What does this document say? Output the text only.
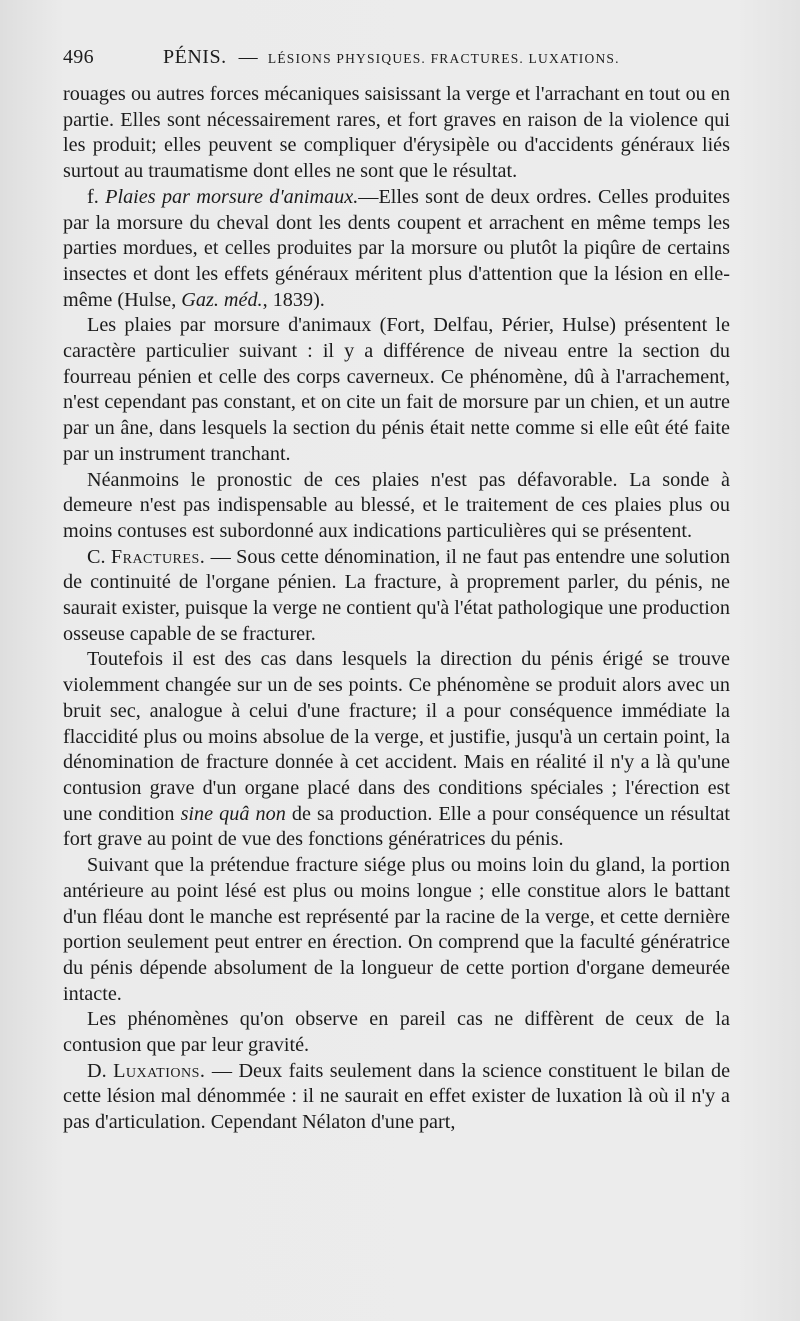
496	PÉNIS. — LÉSIONS PHYSIQUES. FRACTURES. LUXATIONS.

rouages ou autres forces mécaniques saisissant la verge et l'arrachant en tout ou en partie. Elles sont nécessairement rares, et fort graves en raison de la violence qui les produit; elles peuvent se compliquer d'érysipèle ou d'accidents généraux liés surtout au traumatisme dont elles ne sont que le résultat.

f. Plaies par morsure d'animaux.—Elles sont de deux ordres. Celles produites par la morsure du cheval dont les dents coupent et arrachent en même temps les parties mordues, et celles produites par la morsure ou plutôt la piqûre de certains insectes et dont les effets généraux méritent plus d'attention que la lésion en elle-même (Hulse, Gaz. méd., 1839).

Les plaies par morsure d'animaux (Fort, Delfau, Périer, Hulse) présentent le caractère particulier suivant : il y a différence de niveau entre la section du fourreau pénien et celle des corps caverneux. Ce phénomène, dû à l'arrachement, n'est cependant pas constant, et on cite un fait de morsure par un chien, et un autre par un âne, dans lesquels la section du pénis était nette comme si elle eût été faite par un instrument tranchant.

Néanmoins le pronostic de ces plaies n'est pas défavorable. La sonde à demeure n'est pas indispensable au blessé, et le traitement de ces plaies plus ou moins contuses est subordonné aux indications particulières qui se présentent.

C. Fractures. — Sous cette dénomination, il ne faut pas entendre une solution de continuité de l'organe pénien. La fracture, à proprement parler, du pénis, ne saurait exister, puisque la verge ne contient qu'à l'état pathologique une production osseuse capable de se fracturer.

Toutefois il est des cas dans lesquels la direction du pénis érigé se trouve violemment changée sur un de ses points. Ce phénomène se produit alors avec un bruit sec, analogue à celui d'une fracture; il a pour conséquence immédiate la flaccidité plus ou moins absolue de la verge, et justifie, jusqu'à un certain point, la dénomination de fracture donnée à cet accident. Mais en réalité il n'y a là qu'une contusion grave d'un organe placé dans des conditions spéciales ; l'érection est une condition sine quâ non de sa production. Elle a pour conséquence un résultat fort grave au point de vue des fonctions génératrices du pénis.

Suivant que la prétendue fracture siége plus ou moins loin du gland, la portion antérieure au point lésé est plus ou moins longue ; elle constitue alors le battant d'un fléau dont le manche est représenté par la racine de la verge, et cette dernière portion seulement peut entrer en érection. On comprend que la faculté génératrice du pénis dépende absolument de la longueur de cette portion d'organe demeurée intacte.

Les phénomènes qu'on observe en pareil cas ne diffèrent de ceux de la contusion que par leur gravité.

D. Luxations. — Deux faits seulement dans la science constituent le bilan de cette lésion mal dénommée : il ne saurait en effet exister de luxation là où il n'y a pas d'articulation. Cependant Nélaton d'une part,
